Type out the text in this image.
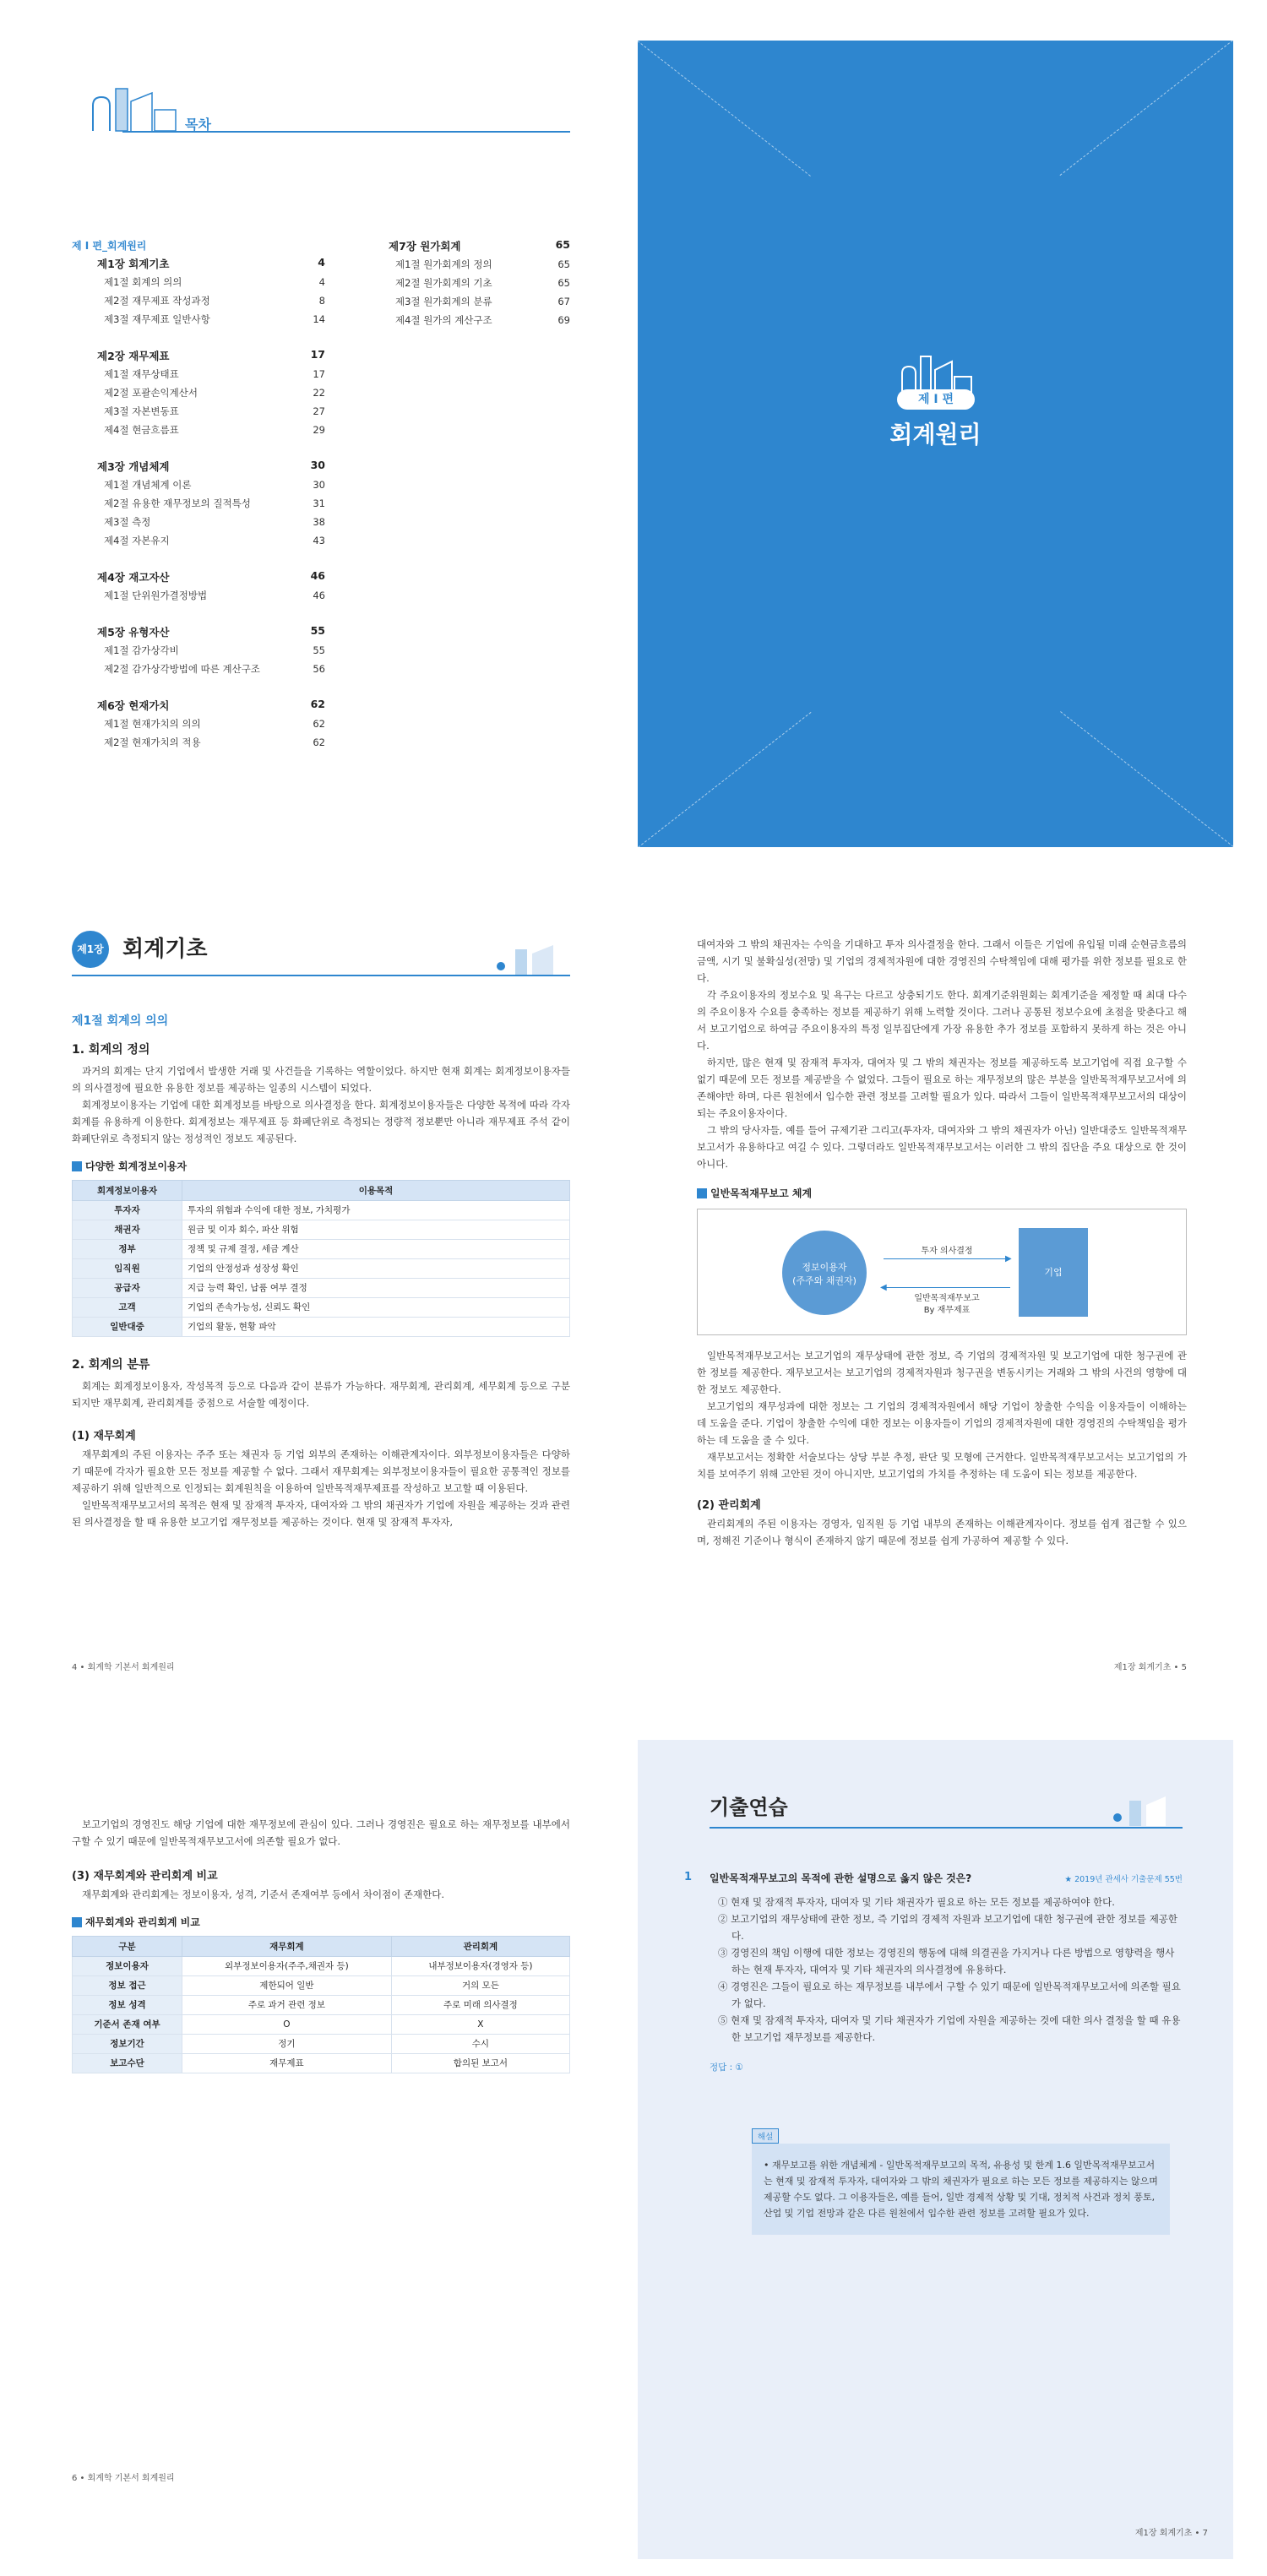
목차
제 I 편_회계원리
제1장 회계기초	4
제1절 회계의 의의	4
제2절 재무제표 작성과정	8
제3절 재무제표 일반사항	14
제2장 재무제표	17
제1절 재무상태표	17
제2절 포괄손익계산서	22
제3절 자본변동표	27
제4절 현금흐름표	29
제3장 개념체계	30
제1절 개념체계 이론	30
제2절 유용한 재무정보의 질적특성	31
제3절 측정	38
제4절 자본유지	43
제4장 재고자산	46
제1절 단위원가결정방법	46
제5장 유형자산	55
제1절 감가상각비	55
제2절 감가상각방법에 따른 계산구조	56
제6장 현재가치	62
제1절 현재가치의 의의	62
제2절 현재가치의 적용	62
제7장 원가회계	65
제1절 원가회계의 정의	65
제2절 원가회계의 기초	65
제3절 원가회계의 분류	67
제4절 원가의 계산구조	69
제 I 편
회계원리
제1장 회계기초
제1절 회계의 의의
1. 회계의 정의

과거의 회계는 단지 기업에서 발생한 거래 및 사건들을 기록하는 역할이었다. 하지만 현재 회계는 회계정보이용자들의 의사결정에 필요한 유용한 정보를 제공하는 일종의 시스템이 되었다.

회계정보이용자는 기업에 대한 회계정보를 바탕으로 의사결정을 한다. 회계정보이용자들은 다양한 목적에 따라 각자 회계를 유용하게 이용한다. 회계정보는 재무제표 등 화폐단위로 측정되는 정량적 정보뿐만 아니라 재무제표 주석 같이 화폐단위로 측정되지 않는 정성적인 정보도 제공된다.

다양한 회계정보이용자
회계정보이용자	이용목적
투자자	투자의 위험과 수익에 대한 정보, 가치평가
채권자	원금 및 이자 회수, 파산 위험
정부	정책 및 규제 결정, 세금 계산
임직원	기업의 안정성과 성장성 확인
공급자	지급 능력 확인, 납품 여부 결정
고객	기업의 존속가능성, 신뢰도 확인
일반대중	기업의 활동, 현황 파악
2. 회계의 분류

회계는 회계정보이용자, 작성목적 등으로 다음과 같이 분류가 가능하다. 재무회계, 관리회계, 세무회계 등으로 구분되지만 재무회계, 관리회계를 중점으로 서술할 예정이다.

(1) 재무회계

재무회계의 주된 이용자는 주주 또는 채권자 등 기업 외부의 존재하는 이해관계자이다. 외부정보이용자들은 다양하기 때문에 각자가 필요한 모든 정보를 제공할 수 없다. 그래서 재무회계는 외부정보이용자들이 필요한 공통적인 정보를 제공하기 위해 일반적으로 인정되는 회계원칙을 이용하여 일반목적재무제표를 작성하고 보고할 때 이용된다.

일반목적재무보고서의 목적은 현재 및 잠재적 투자자, 대여자와 그 밖의 채권자가 기업에 자원을 제공하는 것과 관련된 의사결정을 할 때 유용한 보고기업 재무정보를 제공하는 것이다. 현재 및 잠재적 투자자,

4 • 회계학 기본서 회계원리

대여자와 그 밖의 채권자는 수익을 기대하고 투자 의사결정을 한다. 그래서 이들은 기업에 유입될 미래 순현금흐름의 금액, 시기 및 불확실성(전망) 및 기업의 경제적자원에 대한 경영진의 수탁책임에 대해 평가를 위한 정보를 필요로 한다.

각 주요이용자의 정보수요 및 욕구는 다르고 상충되기도 한다. 회계기준위원회는 회계기준을 제정할 때 최대 다수의 주요이용자 수요를 충족하는 정보를 제공하기 위해 노력할 것이다. 그러나 공통된 정보수요에 초점을 맞춘다고 해서 보고기업으로 하여금 주요이용자의 특정 일부집단에게 가장 유용한 추가 정보를 포함하지 못하게 하는 것은 아니다.

하지만, 많은 현재 및 잠재적 투자자, 대여자 및 그 밖의 채권자는 정보를 제공하도록 보고기업에 직접 요구할 수 없기 때문에 모든 정보를 제공받을 수 없었다. 그들이 필요로 하는 재무정보의 많은 부분을 일반목적재무보고서에 의존해야만 하며, 다른 원천에서 입수한 관련 정보를 고려할 필요가 있다. 따라서 그들이 일반목적재무보고서의 대상이 되는 주요이용자이다.

그 밖의 당사자들, 예를 들어 규제기관 그리고(투자자, 대여자와 그 밖의 채권자가 아닌) 일반대중도 일반목적재무보고서가 유용하다고 여길 수 있다. 그렇더라도 일반목적재무보고서는 이러한 그 밖의 집단을 주요 대상으로 한 것이 아니다.

일반목적재무보고 체계
정보이용자
(주주와 채권자)
투자 의사결정
▶
◀
일반목적재무보고
By 재무제표
기업

일반목적재무보고서는 보고기업의 재무상태에 관한 정보, 즉 기업의 경제적자원 및 보고기업에 대한 청구권에 관한 정보를 제공한다. 재무보고서는 보고기업의 경제적자원과 청구권을 변동시키는 거래와 그 밖의 사건의 영향에 대한 정보도 제공한다.

보고기업의 재무성과에 대한 정보는 그 기업의 경제적자원에서 해당 기업이 창출한 수익을 이용자들이 이해하는 데 도움을 준다. 기업이 창출한 수익에 대한 정보는 이용자들이 기업의 경제적자원에 대한 경영진의 수탁책임을 평가하는 데 도움을 줄 수 있다.

재무보고서는 정확한 서술보다는 상당 부분 추정, 판단 및 모형에 근거한다. 일반목적재무보고서는 보고기업의 가치를 보여주기 위해 고안된 것이 아니지만, 보고기업의 가치를 추정하는 데 도움이 되는 정보를 제공한다.

(2) 관리회계

관리회계의 주된 이용자는 경영자, 임직원 등 기업 내부의 존재하는 이해관계자이다. 정보를 쉽게 접근할 수 있으며, 정해진 기준이나 형식이 존재하지 않기 때문에 정보를 쉽게 가공하여 제공할 수 있다.

제1장 회계기초 • 5

보고기업의 경영진도 해당 기업에 대한 재무정보에 관심이 있다. 그러나 경영진은 필요로 하는 재무정보를 내부에서 구할 수 있기 때문에 일반목적재무보고서에 의존할 필요가 없다.

(3) 재무회계와 관리회계 비교

재무회계와 관리회계는 정보이용자, 성격, 기준서 존재여부 등에서 차이점이 존재한다.

재무회계와 관리회계 비교
구분	재무회계	관리회계
정보이용자	외부정보이용자(주주,채권자 등)	내부정보이용자(경영자 등)
정보 접근	제한되어 일반	거의 모든
정보 성격	주로 과거 관련 정보	주로 미래 의사결정
기준서 존재 여부	O	X
정보기간	정기	수시
보고수단	재무제표	합의된 보고서
6 • 회계학 기본서 회계원리
기출연습
1	★ 2019년 관세사 기출문제 55번
일반목적재무보고의 목적에 관한 설명으로 옳지 않은 것은?
① 현재 및 잠재적 투자자, 대여자 및 기타 채권자가 필요로 하는 모든 정보를 제공하여야 한다.
② 보고기업의 재무상태에 관한 정보, 즉 기업의 경제적 자원과 보고기업에 대한 청구권에 관한 정보를 제공한다.
③ 경영진의 책임 이행에 대한 정보는 경영진의 행동에 대해 의결권을 가지거나 다른 방법으로 영향력을 행사하는 현재 투자자, 대여자 및 기타 채권자의 의사결정에 유용하다.
④ 경영진은 그들이 필요로 하는 재무정보를 내부에서 구할 수 있기 때문에 일반목적재무보고서에 의존할 필요가 없다.
⑤ 현재 및 잠재적 투자자, 대여자 및 기타 채권자가 기업에 자원을 제공하는 것에 대한 의사 결정을 할 때 유용한 보고기업 재무정보를 제공한다.
정답 : ①
해설
• 재무보고를 위한 개념체계 - 일반목적재무보고의 목적, 유용성 및 한계 1.6 일반목적재무보고서는 현재 및 잠재적 투자자, 대여자와 그 밖의 채권자가 필요로 하는 모든 정보를 제공하지는 않으며 제공할 수도 없다. 그 이용자들은, 예를 들어, 일반 경제적 상황 및 기대, 정치적 사건과 정치 풍토, 산업 및 기업 전망과 같은 다른 원천에서 입수한 관련 정보를 고려할 필요가 있다.
제1장 회계기초 • 7
